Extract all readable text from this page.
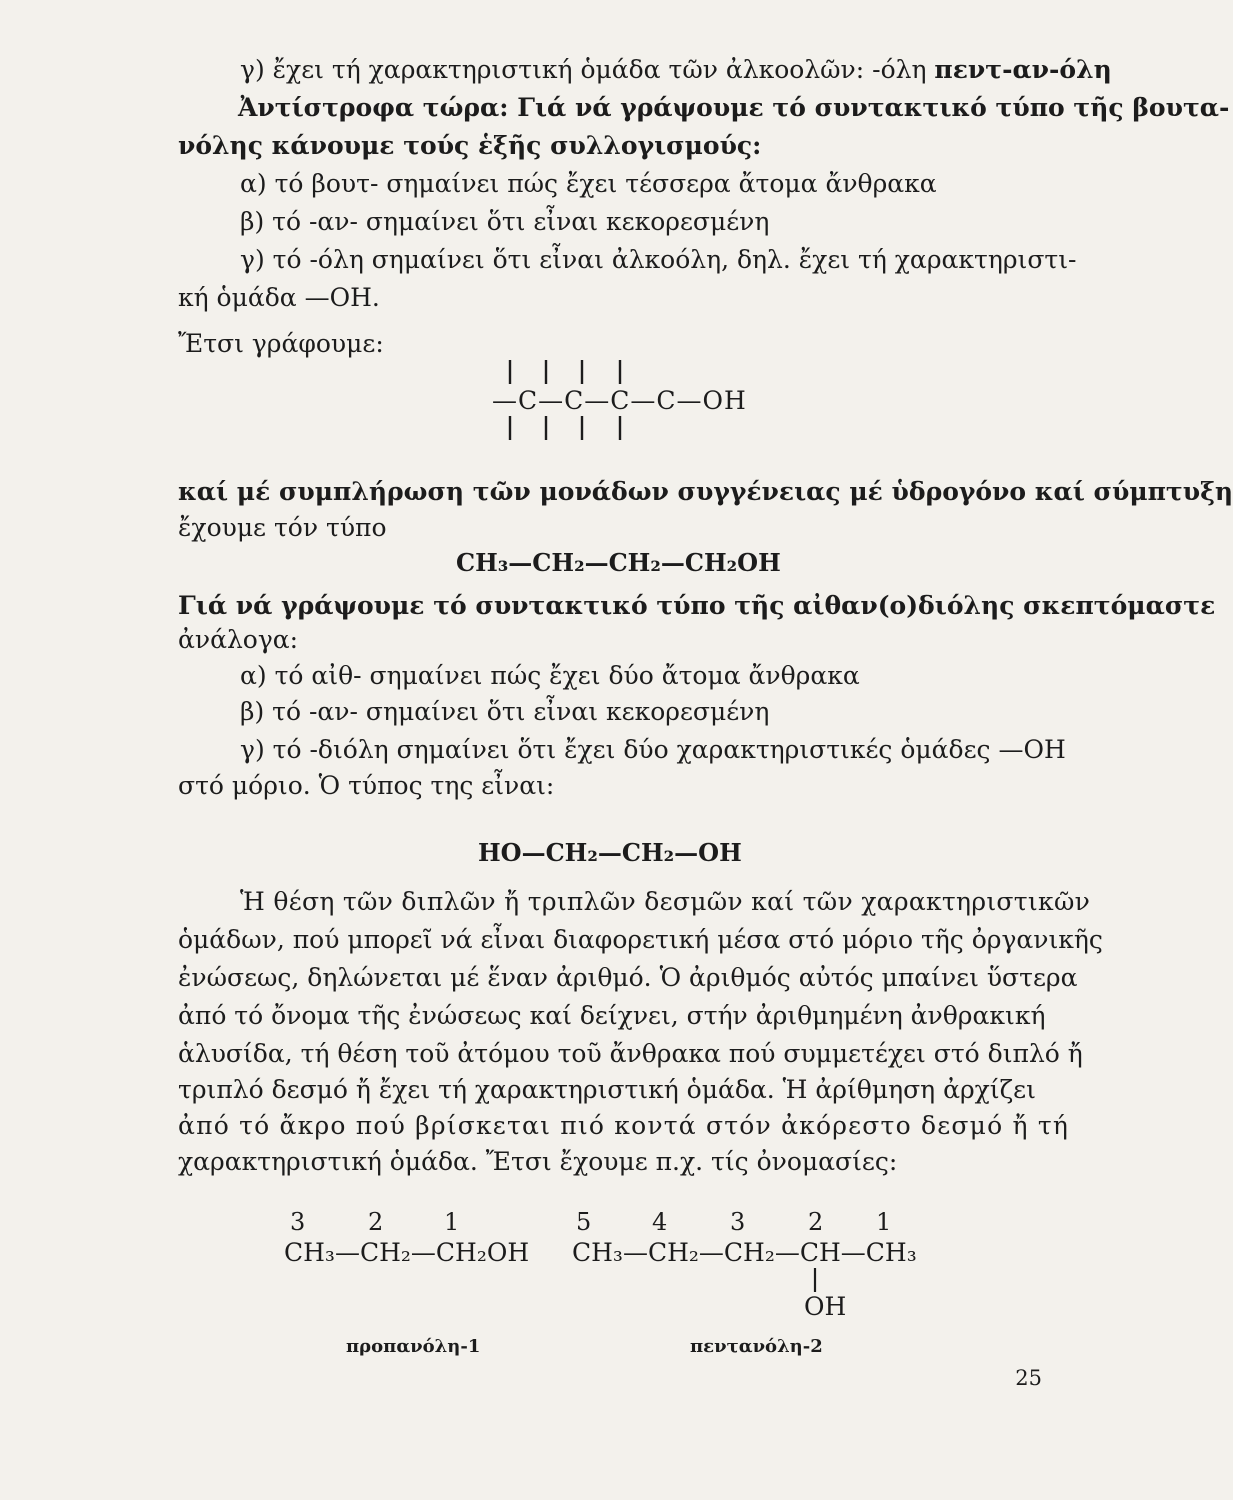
γ) ἔχει τή χαρακτηριστική ὁμάδα τῶν ἀλκοολῶν: -όλη πεντ-αν-όλη
Ἀντίστροφα τώρα: Γιά νά γράψουμε τό συντακτικό τύπο τῆς βουτα-
νόλης κάνουμε τούς ἑξῆς συλλογισμούς:
α) τό βουτ- σημαίνει πώς ἔχει τέσσερα ἄτομα ἄνθρακα
β) τό -αν- σημαίνει ὅτι εἶναι κεκορεσμένη
γ) τό -όλη σημαίνει ὅτι εἶναι ἀλκοόλη, δηλ. ἔχει τή χαρακτηριστι-
κή ὁμάδα —ΟΗ.
Ἔτσι γράφουμε:
—C—C—C—C—OH
καί μέ συμπλήρωση τῶν μονάδων συγγένειας μέ ὑδρογόνο καί σύμπτυξη
ἔχουμε τόν τύπο
CH₃—CH₂—CH₂—CH₂OH
Γιά νά γράψουμε τό συντακτικό τύπο τῆς αἰθαν(ο)διόλης σκεπτόμαστε
ἀνάλογα:
α) τό αἰθ- σημαίνει πώς ἔχει δύο ἄτομα ἄνθρακα
β) τό -αν- σημαίνει ὅτι εἶναι κεκορεσμένη
γ) τό -διόλη σημαίνει ὅτι ἔχει δύο χαρακτηριστικές ὁμάδες —ΟΗ
στό μόριο. Ὁ τύπος της εἶναι:
HO—CH₂—CH₂—OH
Ἡ θέση τῶν διπλῶν ἤ τριπλῶν δεσμῶν καί τῶν χαρακτηριστικῶν
ὁμάδων, πού μπορεῖ νά εἶναι διαφορετική μέσα στό μόριο τῆς ὀργανικῆς
ἐνώσεως, δηλώνεται μέ ἕναν ἀριθμό. Ὁ ἀριθμός αὐτός μπαίνει ὕστερα
ἀπό τό ὄνομα τῆς ἐνώσεως καί δείχνει, στήν ἀριθμημένη ἀνθρακική
ἁλυσίδα, τή θέση τοῦ ἀτόμου τοῦ ἄνθρακα πού συμμετέχει στό διπλό ἤ
τριπλό δεσμό ἤ ἔχει τή χαρακτηριστική ὁμάδα. Ἡ ἀρίθμηση ἀρχίζει
ἀπό τό ἄκρο πού βρίσκεται πιό κοντά στόν ἀκόρεστο δεσμό ἤ τή
χαρακτηριστική ὁμάδα. Ἔτσι ἔχουμε π.χ. τίς ὀνομασίες:
3	2	1
CH₃—CH₂—CH₂OH
προπανόλη-1
5	4	3	2 1
CH₃—CH₂—CH₂—CH—CH₃
OH
πεντανόλη-2
25
